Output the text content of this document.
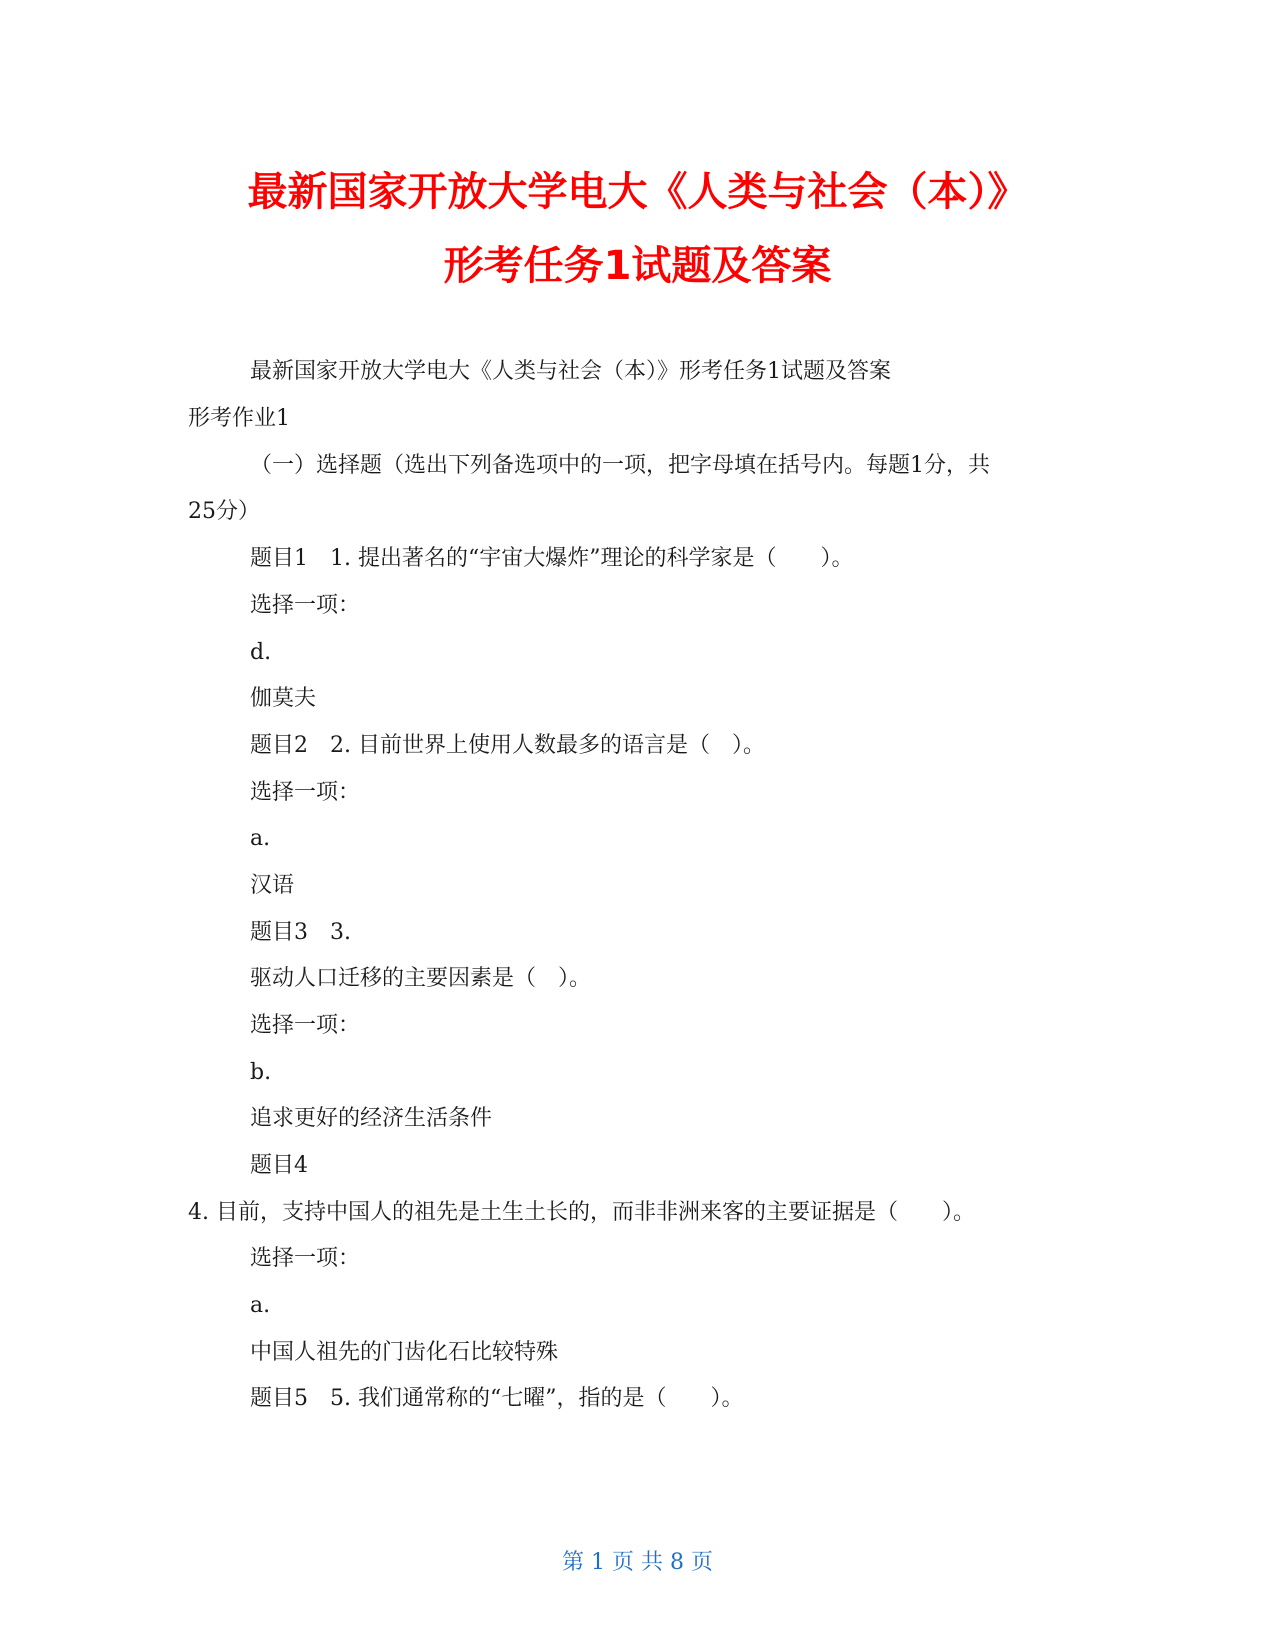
最新国家开放大学电大《人类与社会（本）》
形考任务1试题及答案

最新国家开放大学电大《人类与社会（本）》形考任务1试题及答案

形考作业1

（一）选择题（选出下列备选项中的一项，把字母填在括号内。每题1分，共

25分）

题目1　1. 提出著名的“宇宙大爆炸”理论的科学家是（　　）。

选择一项：

d.

伽莫夫

题目2　2. 目前世界上使用人数最多的语言是（　）。

选择一项：

a.

汉语

题目3　3.

驱动人口迁移的主要因素是（　）。

选择一项：

b.

追求更好的经济生活条件

题目4

4. 目前，支持中国人的祖先是土生土长的，而非非洲来客的主要证据是（　　）。

选择一项：

a.

中国人祖先的门齿化石比较特殊

题目5　5. 我们通常称的“七曜”，指的是（　　）。

第 1 页 共 8 页
